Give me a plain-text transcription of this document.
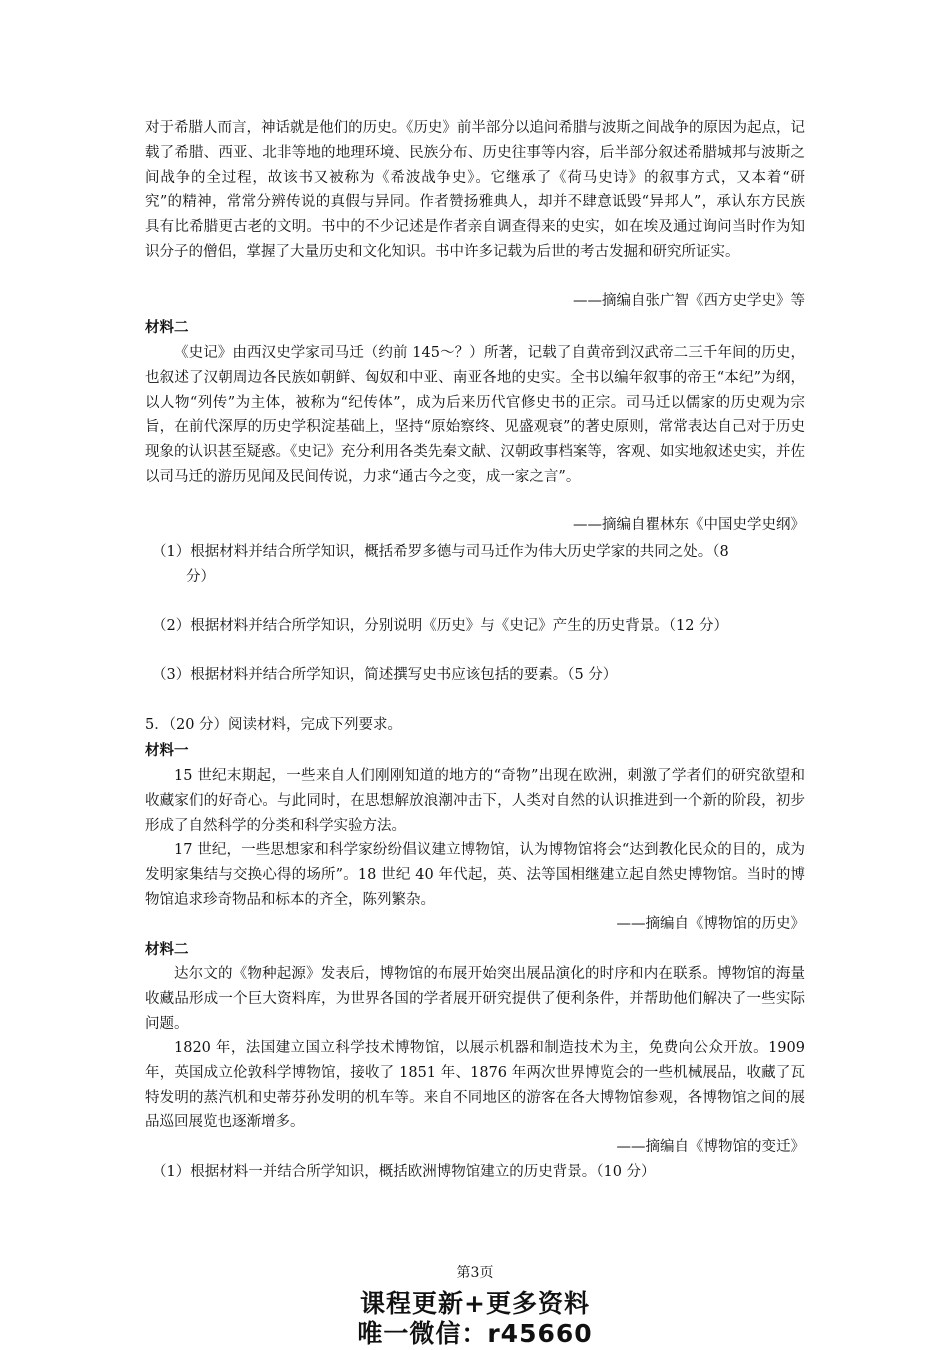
对于希腊人而言，神话就是他们的历史。《历史》前半部分以追问希腊与波斯之间战争的原因为起点，记载了希腊、西亚、北非等地的地理环境、民族分布、历史往事等内容，后半部分叙述希腊城邦与波斯之间战争的全过程，故该书又被称为《希波战争史》。它继承了《荷马史诗》的叙事方式，又本着“研究”的精神，常常分辨传说的真假与异同。作者赞扬雅典人，却并不肆意诋毁“异邦人”，承认东方民族具有比希腊更古老的文明。书中的不少记述是作者亲自调查得来的史实，如在埃及通过询问当时作为知识分子的僧侣，掌握了大量历史和文化知识。书中许多记载为后世的考古发掘和研究所证实。

——摘编自张广智《西方史学史》等
材料二

《史记》由西汉史学家司马迁（约前 145～？）所著，记载了自黄帝到汉武帝二三千年间的历史，也叙述了汉朝周边各民族如朝鲜、匈奴和中亚、南亚各地的史实。全书以编年叙事的帝王“本纪”为纲，以人物“列传”为主体，被称为“纪传体”，成为后来历代官修史书的正宗。司马迁以儒家的历史观为宗旨，在前代深厚的历史学积淀基础上，坚持“原始察终、见盛观衰”的著史原则，常常表达自己对于历史现象的认识甚至疑惑。《史记》充分利用各类先秦文献、汉朝政事档案等，客观、如实地叙述史实，并佐以司马迁的游历见闻及民间传说，力求“通古今之变，成一家之言”。

——摘编自瞿林东《中国史学史纲》

（1）根据材料并结合所学知识，概括希罗多德与司马迁作为伟大历史学家的共同之处。（8
分）

（2）根据材料并结合所学知识，分别说明《历史》与《史记》产生的历史背景。（12 分）

（3）根据材料并结合所学知识，简述撰写史书应该包括的要素。（5 分）

5．（20 分）阅读材料，完成下列要求。

材料一

15 世纪末期起，一些来自人们刚刚知道的地方的“奇物”出现在欧洲，刺激了学者们的研究欲望和收藏家们的好奇心。与此同时，在思想解放浪潮冲击下，人类对自然的认识推进到一个新的阶段，初步形成了自然科学的分类和科学实验方法。

17 世纪，一些思想家和科学家纷纷倡议建立博物馆，认为博物馆将会“达到教化民众的目的，成为发明家集结与交换心得的场所”。18 世纪 40 年代起，英、法等国相继建立起自然史博物馆。当时的博物馆追求珍奇物品和标本的齐全，陈列繁杂。

——摘编自《博物馆的历史》
材料二

达尔文的《物种起源》发表后，博物馆的布展开始突出展品演化的时序和内在联系。博物馆的海量收藏品形成一个巨大资料库，为世界各国的学者展开研究提供了便利条件，并帮助他们解决了一些实际问题。

1820 年，法国建立国立科学技术博物馆，以展示机器和制造技术为主，免费向公众开放。1909 年，英国成立伦敦科学博物馆，接收了 1851 年、1876 年两次世界博览会的一些机械展品，收藏了瓦特发明的蒸汽机和史蒂芬孙发明的机车等。来自不同地区的游客在各大博物馆参观，各博物馆之间的展品巡回展览也逐渐增多。

——摘编自《博物馆的变迁》

（1）根据材料一并结合所学知识，概括欧洲博物馆建立的历史背景。（10 分）

第3页
课程更新+更多资料
唯一微信：r45660
